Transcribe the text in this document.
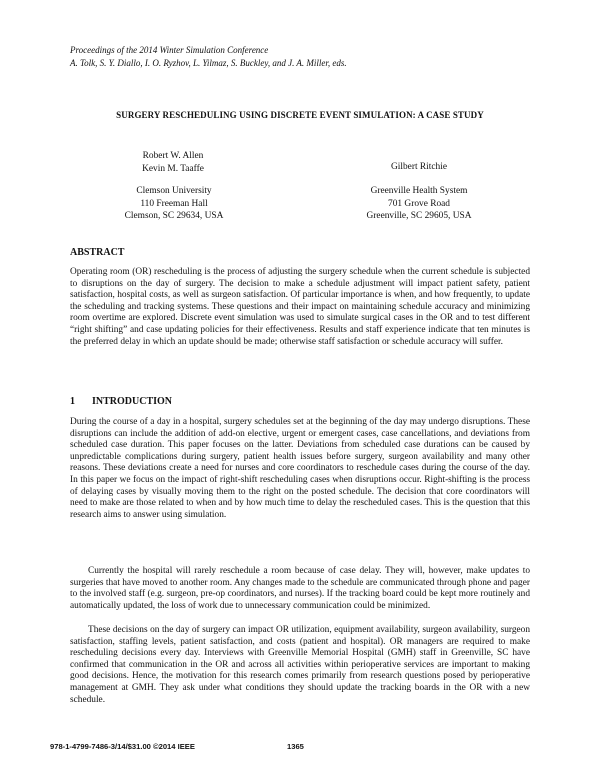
Proceedings of the 2014 Winter Simulation Conference
A. Tolk, S. Y. Diallo, I. O. Ryzhov, L. Yilmaz, S. Buckley, and J. A. Miller, eds.
SURGERY RESCHEDULING USING DISCRETE EVENT SIMULATION: A CASE STUDY
Robert W. Allen
Kevin M. Taaffe	Gilbert Ritchie
Clemson University
110 Freeman Hall
Clemson, SC 29634, USA
Greenville Health System
701 Grove Road
Greenville, SC 29605, USA
ABSTRACT

Operating room (OR) rescheduling is the process of adjusting the surgery schedule when the current schedule is subjected to disruptions on the day of surgery. The decision to make a schedule adjustment will impact patient safety, patient satisfaction, hospital costs, as well as surgeon satisfaction. Of particular importance is when, and how frequently, to update the scheduling and tracking systems. These questions and their impact on maintaining schedule accuracy and minimizing room overtime are explored. Discrete event simulation was used to simulate surgical cases in the OR and to test different “right shifting” and case updating policies for their effectiveness. Results and staff experience indicate that ten minutes is the preferred delay in which an update should be made; otherwise staff satisfaction or schedule accuracy will suffer.

1 INTRODUCTION

During the course of a day in a hospital, surgery schedules set at the beginning of the day may undergo disruptions. These disruptions can include the addition of add-on elective, urgent or emergent cases, case cancellations, and deviations from scheduled case duration. This paper focuses on the latter. Deviations from scheduled case durations can be caused by unpredictable complications during surgery, patient health issues before surgery, surgeon availability and many other reasons. These deviations create a need for nurses and core coordinators to reschedule cases during the course of the day. In this paper we focus on the impact of right-shift rescheduling cases when disruptions occur. Right-shifting is the process of delaying cases by visually moving them to the right on the posted schedule. The decision that core coordinators will need to make are those related to when and by how much time to delay the rescheduled cases. This is the question that this research aims to answer using simulation.

Currently the hospital will rarely reschedule a room because of case delay. They will, however, make updates to surgeries that have moved to another room. Any changes made to the schedule are communicated through phone and pager to the involved staff (e.g. surgeon, pre-op coordinators, and nurses). If the tracking board could be kept more routinely and automatically updated, the loss of work due to unnecessary communication could be minimized.

These decisions on the day of surgery can impact OR utilization, equipment availability, surgeon availability, surgeon satisfaction, staffing levels, patient satisfaction, and costs (patient and hospital). OR managers are required to make rescheduling decisions every day. Interviews with Greenville Memorial Hospital (GMH) staff in Greenville, SC have confirmed that communication in the OR and across all activities within perioperative services are important to making good decisions. Hence, the motivation for this research comes primarily from research questions posed by perioperative management at GMH. They ask under what conditions they should update the tracking boards in the OR with a new schedule.

978-1-4799-7486-3/14/$31.00 ©2014 IEEE	1365
